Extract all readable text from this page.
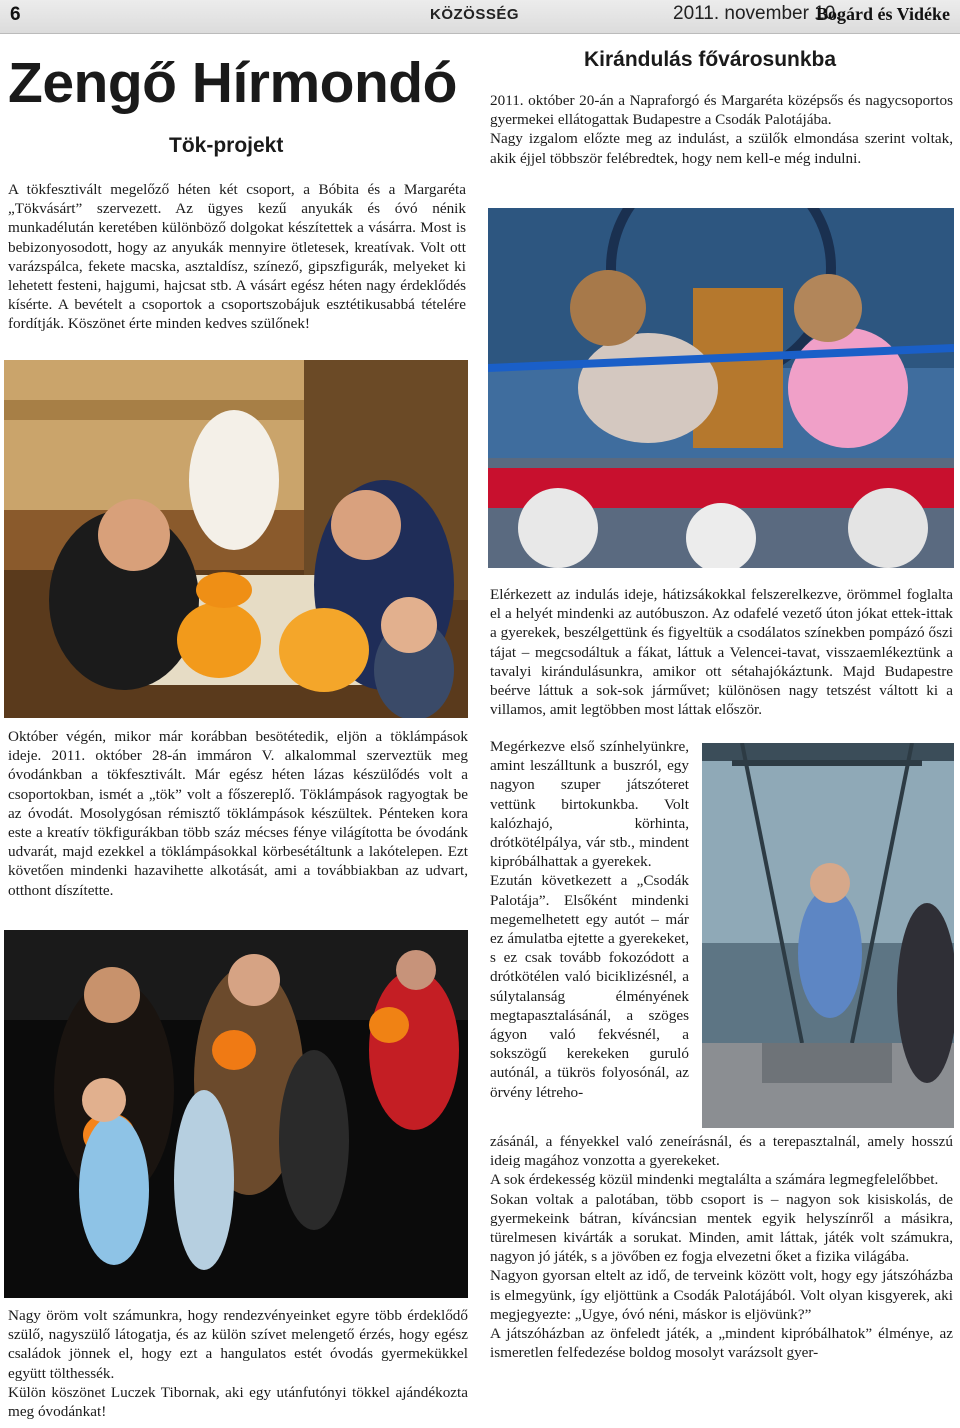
6	KÖZÖSSÉG	2011. november 10.
Bogárd és Vidéke
Zengő Hírmondó
Tök-projekt

A tökfesztivált megelőző héten két csoport, a Bóbita és a Margaréta „Tökvásárt” szervezett. Az ügyes kezű anyukák és óvó nénik munkadélután keretében különböző dolgokat készítettek a vásárra. Most is bebizonyosodott, hogy az anyukák mennyire ötletesek, kreatívak. Volt ott varázspálca, fekete macska, asztaldísz, színező, gipszfigurák, melyeket ki lehetett festeni, hajgumi, hajcsat stb. A vásárt egész héten nagy érdeklődés kísérte. A bevételt a csoportok a csoportszobájuk esztétikusabbá tételére fordítják. Köszönet érte minden kedves szülőnek!

Október végén, mikor már korábban besötétedik, eljön a töklámpások ideje. 2011. október 28-án immáron V. alkalommal szerveztük meg óvodánkban a tökfesztivált. Már egész héten lázas készülődés volt a csoportokban, ismét a „tök” volt a főszereplő. Töklámpások ragyogtak be az óvodát. Mosolygósan rémisztő töklámpások készültek. Pénteken kora este a kreatív tökfigurákban több száz mécses fénye világította be óvodánk udvarát, majd ezekkel a töklámpásokkal körbesétáltunk a lakótelepen. Ezt követően mindenki hazavihette alkotását, ami a továbbiakban az udvart, otthont díszítette.

Nagy öröm volt számunkra, hogy rendezvényeinket egyre több érdeklődő szülő, nagyszülő látogatja, és az külön szívet melengető érzés, hogy egész családok jönnek el, hogy ezt a hangulatos estét óvodás gyermekükkel együtt tölthessék.

Külön köszönet Luczek Tibornak, aki egy utánfutónyi tökkel ajándékozta meg óvodánkat!

Kirándulás fővárosunkba

2011. október 20-án a Napraforgó és Margaréta középsős és nagycsoportos gyermekei ellátogattak Budapestre a Csodák Palotájába.

Nagy izgalom előzte meg az indulást, a szülők elmondása szerint voltak, akik éjjel többször felébredtek, hogy nem kell-e még indulni.

Elérkezett az indulás ideje, hátizsákokkal felszerelkezve, örömmel foglalta el a helyét mindenki az autóbuszon. Az odafelé vezető úton jókat ettek-ittak a gyerekek, beszélgettünk és figyeltük a csodálatos színekben pompázó őszi tájat – megcsodáltuk a fákat, láttuk a Velencei-tavat, visszaemlékeztünk a tavalyi kirándulásunkra, amikor ott sétahajókáztunk. Majd Budapestre beérve láttuk a sok-sok járművet; különösen nagy tetszést váltott ki a villamos, amit legtöbben most láttak először.

Megérkezve első színhelyünkre, amint leszálltunk a buszról, egy nagyon szuper játszóteret vettünk birtokunkba. Volt kalózhajó, körhinta, drótkötélpálya, vár stb., mindent kipróbálhattak a gyerekek.

Ezután következett a „Csodák Palotája”. Elsőként mindenki megemelhetett egy autót – már ez ámulatba ejtette a gyerekeket, s ez csak tovább fokozódott a drótkötélen való biciklizésnél, a súlytalanság élményének megtapasztalásánál, a szöges ágyon való fekvésnél, a sokszögű kerekeken guruló autónál, a tükrös folyosónál, az örvény létreho-

zásánál, a fényekkel való zeneírásnál, és a terepasztalnál, amely hosszú ideig magához vonzotta a gyerekeket.

A sok érdekesség közül mindenki megtalálta a számára legmegfelelőbbet.

Sokan voltak a palotában, több csoport is – nagyon sok kisiskolás, de gyermekeink bátran, kíváncsian mentek egyik helyszínről a másikra, türelmesen kivárták a sorukat. Minden, amit láttak, játék volt számukra, nagyon jó játék, s a jövőben ez fogja elvezetni őket a fizika világába.

Nagyon gyorsan eltelt az idő, de terveink között volt, hogy egy játszóházba is elmegyünk, így eljöttünk a Csodák Palotájából. Volt olyan kisgyerek, aki megjegyezte: „Ugye, óvó néni, máskor is eljövünk?”

A játszóházban az önfeledt játék, a „mindent kipróbálhatok” élménye, az ismeretlen felfedezése boldog mosolyt varázsolt gyer-
